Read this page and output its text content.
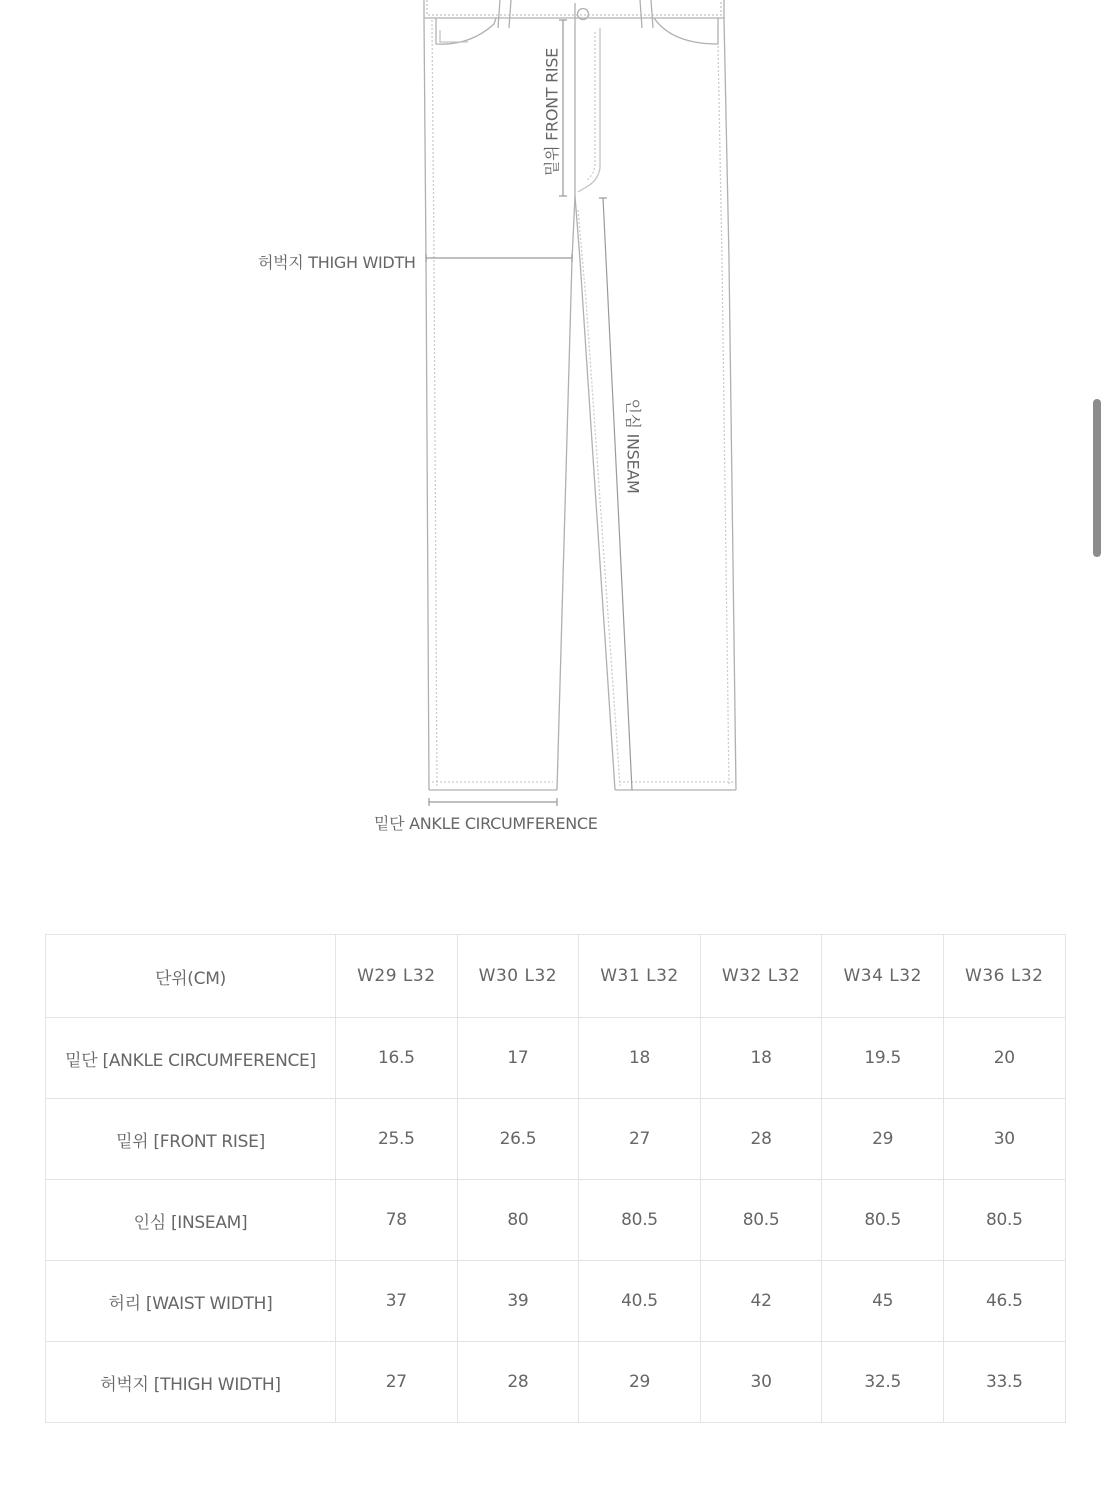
밑위 FRONT RISE
허벅지 THIGH WIDTH
인심 INSEAM
밑단 ANKLE CIRCUMFERENCE
단위(CM)	W29 L32	W30 L32	W31 L32	W32 L32	W34 L32	W36 L32
밑단 [ANKLE CIRCUMFERENCE]	16.5	17	18	18	19.5	20
밑위 [FRONT RISE]	25.5	26.5	27	28	29	30
인심 [INSEAM]	78	80	80.5	80.5	80.5	80.5
허리 [WAIST WIDTH]	37	39	40.5	42	45	46.5
허벅지 [THIGH WIDTH]	27	28	29	30	32.5	33.5
